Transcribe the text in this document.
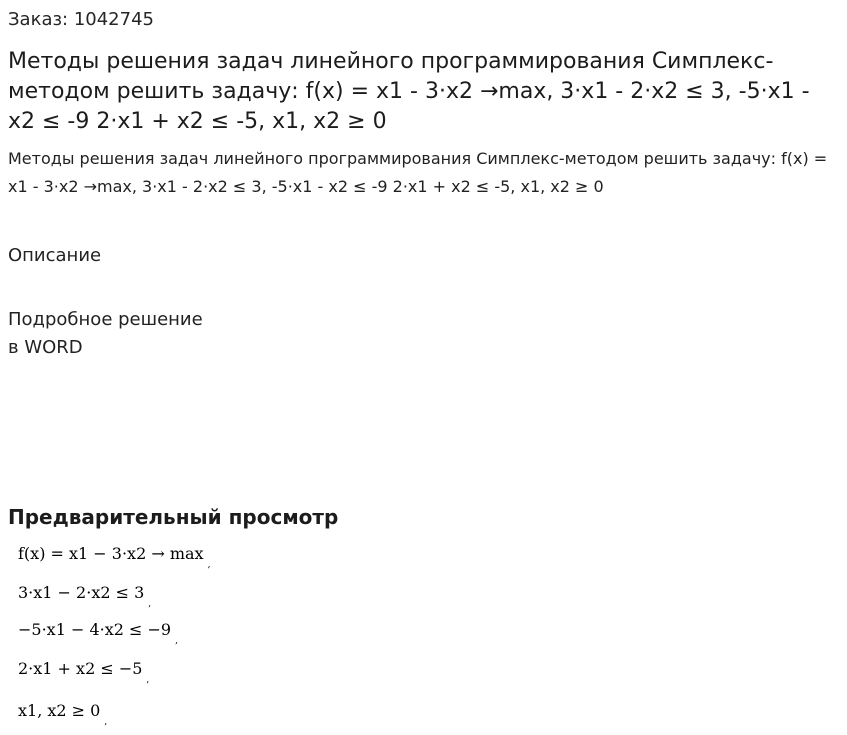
Заказ: 1042745
Методы решения задач линейного программирования Симплекс-методом решить задачу: f(x) = x1 - 3·x2 →max, 3·x1 - 2·x2 ≤ 3, -5·x1 - x2 ≤ -9 2·x1 + x2 ≤ -5, x1, x2 ≥ 0
Методы решения задач линейного программирования Симплекс-методом решить задачу: f(x) = x1 - 3·x2 →max, 3·x1 - 2·x2 ≤ 3, -5·x1 - x2 ≤ -9 2·x1 + x2 ≤ -5, x1, x2 ≥ 0
Описание
Подробное решение
в WORD
Предварительный просмотр
$f(x) = x1 - 3\cdot x2 \to \max_,$
$3\cdot x1 - 2\cdot x2 \le 3_,$
$-5\cdot x1 - 4\cdot x2 \le -9_,$
$2\cdot x1 + x2 \le -5_,$
x1, $x2 \ge 0_,$
